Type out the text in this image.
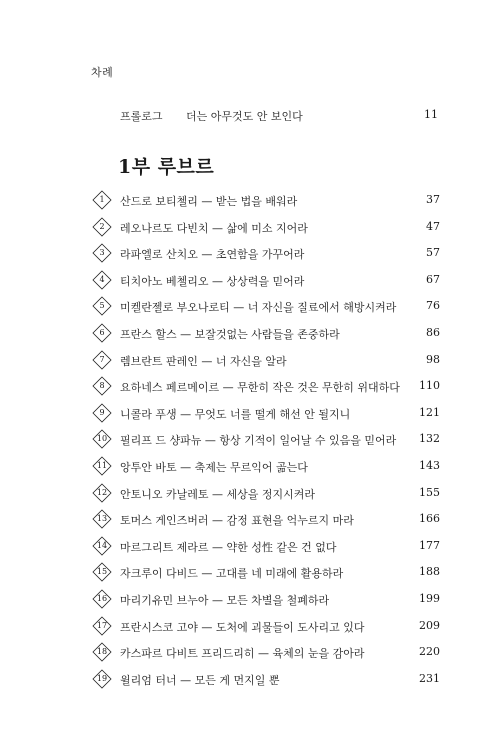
차례
프롤로그 더는 아무것도 안 보인다	11
1부 루브르
1	산드로 보티첼리 — 받는 법을 배워라	37
2	레오나르도 다빈치 — 삶에 미소 지어라	47
3	라파엘로 산치오 — 초연함을 가꾸어라	57
4	티치아노 베첼리오 — 상상력을 믿어라	67
5	미켈란젤로 부오나로티 — 너 자신을 질료에서 해방시켜라	76
6	프란스 할스 — 보잘것없는 사람들을 존중하라	86
7	렘브란트 판레인 — 너 자신을 알라	98
8	요하네스 페르메이르 — 무한히 작은 것은 무한히 위대하다 110
9	니콜라 푸생 — 무엇도 너를 떨게 해선 안 될지니	121
10	필리프 드 샹파뉴 — 항상 기적이 일어날 수 있음을 믿어라 132
11	앙투안 바토 — 축제는 무르익어 곪는다	143
12	안토니오 카날레토 — 세상을 정지시켜라	155
13	토머스 게인즈버러 — 감정 표현을 억누르지 마라	166
14	마르그리트 제라르 — 약한 성性 같은 건 없다	177
15	자크루이 다비드 — 고대를 네 미래에 활용하라	188
16	마리기유민 브누아 — 모든 차별을 철폐하라	199
17	프란시스코 고야 — 도처에 괴물들이 도사리고 있다	209
18	카스파르 다비트 프리드리히 — 육체의 눈을 감아라	220
19	윌리엄 터너 — 모든 게 먼지일 뿐	231
